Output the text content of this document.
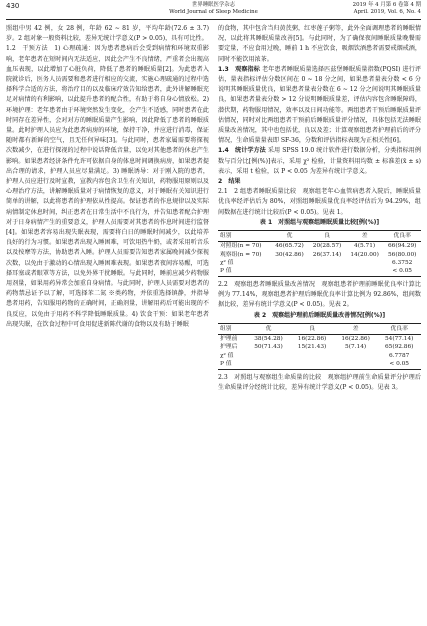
430	世界睡眠医学杂志
World Journal of Sleep Medicine
2019 年 4 月第 6 卷第 4 期
April. 2019, Vol. 6, No. 4

照组中男 42 例，女 28 例，年龄 62 ~ 81 岁，平均年龄(72.6 ± 3.7) 岁。2 组对象一般资料比较，差异无统计学意义(P > 0.05)，具有可比性。

1.2　干预方法　1) 心理疏通：因为患者患病后会受到病情和环境双重影响，老年患者在短时间内无法适应，因此会产生不良情绪，严重者会出现高血压表现，以此增加了心脏负荷，降低了患者的睡眠质量[2]。为此患者入院就诊后，医务人员需要和患者进行相应的交流，实施心理疏通的过程中选择科学合适的方法，将治疗目的以及临床疗效告知给患者，此外讲解睡眠充足对病情的有利影响，以此提升患者的配合性，有助于将自身心情放松。2) 环境护理：老年患者由于环境突然发生变化，会产生不适感，同时患者在此时同存在差异性，会对对方的睡眠质量产生影响，因此降低了患者的睡眠质量。此时护理人员应为此患者病房的环境，保持干净，并应进行消毒，保证随时都有新鲜的空气，且无任何异味[3]。与此同时，患者家属需要将探视次数减少，在进行探视的过程中说话降低音量，以免对其他患者的休息产生影响。如果患者经济条件允许可依据自身的体息时间调换病房，如果患者提出合理的请求，护理人员应尽量满足。3) 睡眠诱导：对于刚入院的患者，护理人员应进行及时宣教，宣教内容包含卫生有关知识，药物服用原则以及心理治疗方法，讲解睡眠质量对于病情恢复的意义，对于睡眠有关知识进行简单的讲解，以此将患者的护理依从性提高。保证患者的作息规律以及实际病情制定休息时间，纠正患者在日常生活中不良行为，并告知患者配合护理对于日身病情产生的重要意义，护理人员需要对其患者的作息时间进行监督[4]。如果患者容易出现失眠表现，需要将白日的睡眠时间减少，以此培养良好的行为习惯。如果患者出现入睡困难，可饮用热牛奶，或者采用听音乐以及按摩等方法，协助患者入睡。护理人员需要告知患者家属晚间减少探视次数，以免由于激动的心情出现入睡困难表现。如果患者夜间容易醒，可选择耳塞或者眼罩等方法，以免外界干扰睡眠。与此同时，睡前应减少药物服用剂量，如果用药异常会加重自身病情。与此同时，护理人员需要对患者的药物禁忌证予以了解，可选择苯二氮 ※类药物，并依重选择镇静，并指导患者用药，告知服用药物的正确时间，正确剂量，讲解用药后可能出现的不良反应，以免由于用药不科学降低睡眠质量。4) 饮食干预：如果老年患者出现失眠，在饮食过程中可食用促进新陈代谢的食物以及有助于睡眠

的食物，其中包含当归黄芪粥，红枣莲子粥等，此外全面调理患者的睡眠情况，以此将其睡眠质量改善[5]。与此同时，为了确保夜间睡眠质量晚餐需要定量，不应食用过晚，睡前 1 h 不应饮食，吸烟饮酒患者需要戒烟戒酒，同时不能饮用浓茶。

1.3　观察指标 老年患者睡眠质量选择匹兹堡睡眠质量指数(PQSI) 进行评估，量表指标评估分数区间在 0 ~ 18 分之间，如果患者量表分数 < 6 分说明其睡眠质量优良，如果患者量表分数在 6 ~ 12 分之间说明其睡眠质量良，如果患者量表分数 > 12 分说明睡眠质量差，评估内容包含睡眠障碍，潜伏期，药物服用情况，效率以及日间功能等。两组患者干预后睡眠质量评估情况，同时对比两组患者干预前后睡眠质量评分情况，具体包括无法睡眠质量改善情况，其中也包括优，良以及差；计算观察组患者护理前后的评分情况，生命质量量表即 SF-36，分数和评估指标表现为正相关性[6]。

1.4　统计学方法 采用 SPSS 19.0 统计软件进行数据分析，分类指标用例数与百分比[例(%)]表示，采用 χ² 检验，计量资料用均数 ± 标准差(x̄ ± s) 表示，采用 t 检验，以 P < 0.05 为差异有统计学意义。

2　结果

2.1　2 组患者睡眠质量比较　观察组老年心血管病患者入院后，睡眠质量优良率经评估后为 80%，对照组睡眠质量优良率经评估后为 94.29%，组间数据在进行统计比较后(P < 0.05)。见表 1。

表 1　对照组与观察组睡眠质量比较[例(%)]
组别	优	良	差	优良率
对照组(n = 70)	46(65.72)	20(28.57)	4(5.71)	66(94.29)
观察组(n = 70)	30(42.86)	26(37.14)	14(20.00)	56(80.00)
χ² 值				6.3752
P 值				< 0.05

2.2　观察组患者睡眠质量改善情况　观察组患者护理前睡眠优良率计算比例为 77.14%，观察组患者护理后睡眠优良率计算比例为 92.86%，组间数据比较，差异有统计学意义(P < 0.05)。见表 2。

表 2　观察组护理前后睡眠质量改善情况[例(%)]
组别	优	良	差	优良率
护理前	38(54.28)	16(22.86)	16(22.86)	54(77.14)
护理后	50(71.43)	15(21.43)	5(7.14)	65(92.86)
χ² 值				6.7787
P 值				< 0.05

2.3　对照组与观察组生命质量的比较　观察组护理前生命质量评分护理后生命质量评分经统计比较，差异有统计学意义(P < 0.05)。见表 3。
